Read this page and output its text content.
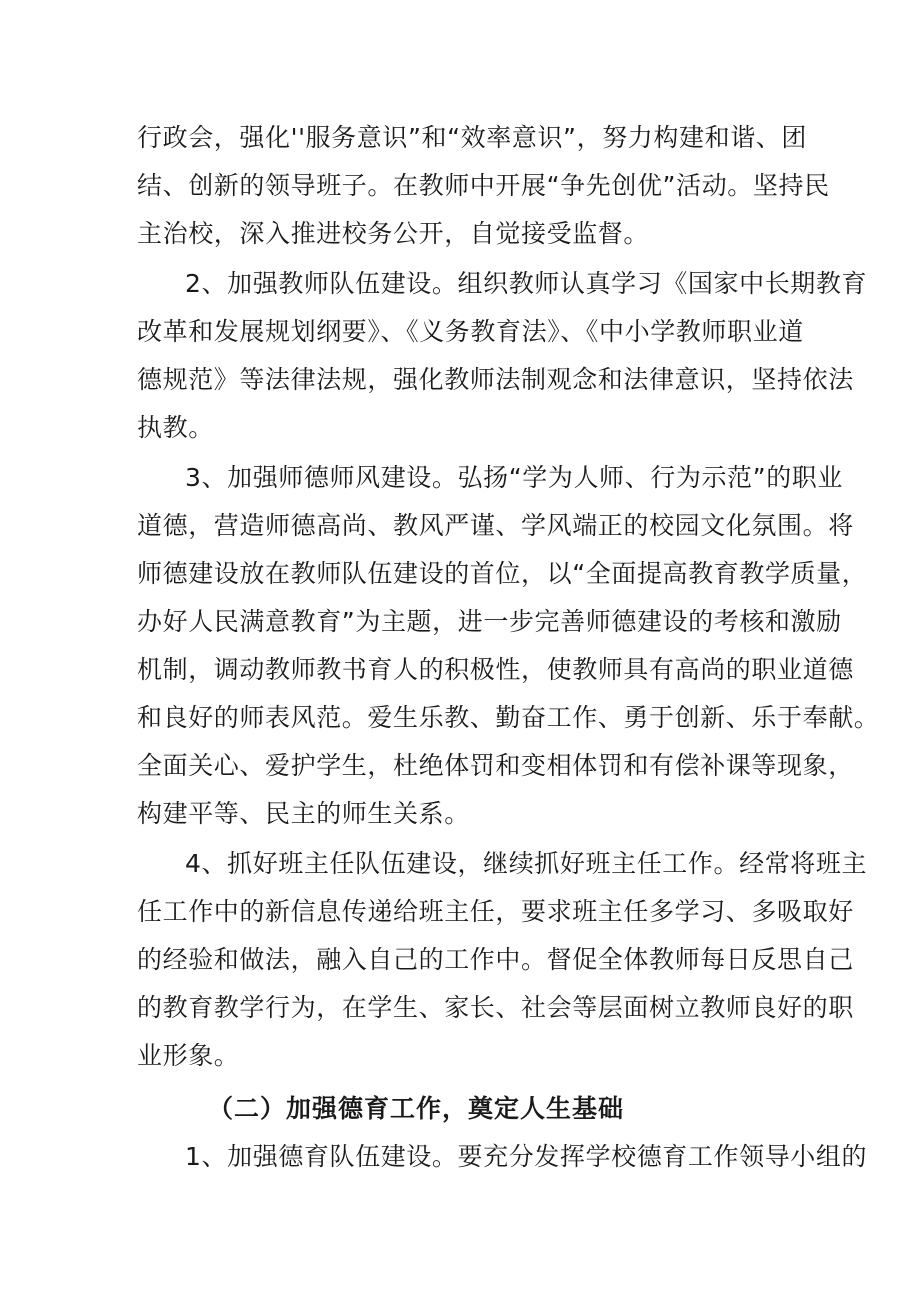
行政会，强化''服务意识”和“效率意识”，努力构建和谐、团
结、创新的领导班子。在教师中开展“争先创优”活动。坚持民
主治校，深入推进校务公开，自觉接受监督。
2、加强教师队伍建设。组织教师认真学习《国家中长期教育
改革和发展规划纲要》、《义务教育法》、《中小学教师职业道
德规范》等法律法规，强化教师法制观念和法律意识，坚持依法
执教。
3、加强师德师风建设。弘扬“学为人师、行为示范”的职业
道德，营造师德高尚、教风严谨、学风端正的校园文化氛围。将
师德建设放在教师队伍建设的首位，以“全面提高教育教学质量，
办好人民满意教育”为主题，进一步完善师德建设的考核和激励
机制，调动教师教书育人的积极性，使教师具有高尚的职业道德
和良好的师表风范。爱生乐教、勤奋工作、勇于创新、乐于奉献。
全面关心、爱护学生，杜绝体罚和变相体罚和有偿补课等现象，
构建平等、民主的师生关系。
4、抓好班主任队伍建设，继续抓好班主任工作。经常将班主
任工作中的新信息传递给班主任，要求班主任多学习、多吸取好
的经验和做法，融入自己的工作中。督促全体教师每日反思自己
的教育教学行为，在学生、家长、社会等层面树立教师良好的职
业形象。
（二）加强德育工作，奠定人生基础
1、加强德育队伍建设。要充分发挥学校德育工作领导小组的
